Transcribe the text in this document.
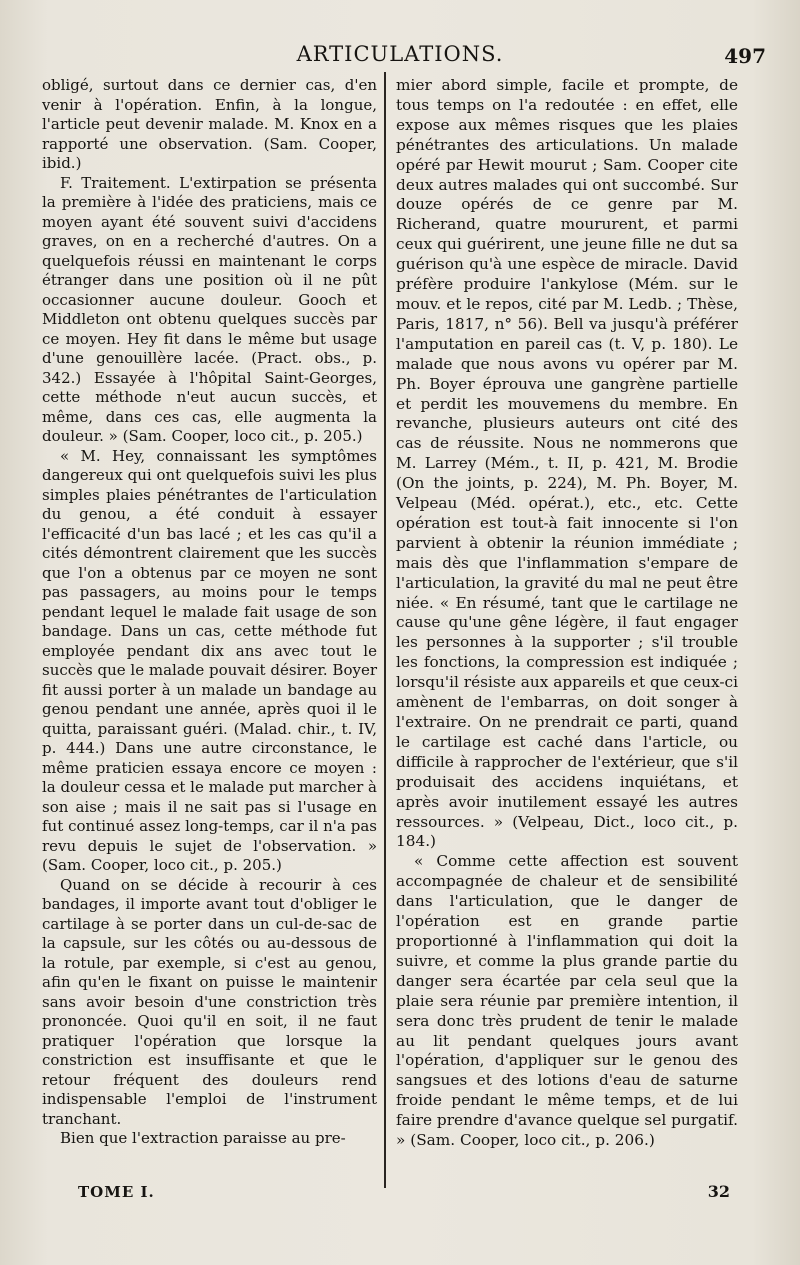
ARTICULATIONS.	497

obligé, surtout dans ce dernier cas, d'en venir à l'opération. Enfin, à la longue, l'article peut devenir malade. M. Knox en a rapporté une observation. (Sam. Cooper, ibid.)

F. Traitement. L'extirpation se présenta la première à l'idée des praticiens, mais ce moyen ayant été souvent suivi d'accidens graves, on en a recherché d'autres. On a quelquefois réussi en maintenant le corps étranger dans une position où il ne pût occasionner aucune douleur. Gooch et Middleton ont obtenu quelques succès par ce moyen. Hey fit dans le même but usage d'une genouillère lacée. (Pract. obs., p. 342.) Essayée à l'hôpital Saint-Georges, cette méthode n'eut aucun succès, et même, dans ces cas, elle augmenta la douleur. » (Sam. Cooper, loco cit., p. 205.)

« M. Hey, connaissant les symptômes dangereux qui ont quelquefois suivi les plus simples plaies pénétrantes de l'articulation du genou, a été conduit à essayer l'efficacité d'un bas lacé ; et les cas qu'il a cités démontrent clairement que les succès que l'on a obtenus par ce moyen ne sont pas passagers, au moins pour le temps pendant lequel le malade fait usage de son bandage. Dans un cas, cette méthode fut employée pendant dix ans avec tout le succès que le malade pouvait désirer. Boyer fit aussi porter à un malade un bandage au genou pendant une année, après quoi il le quitta, paraissant guéri. (Malad. chir., t. IV, p. 444.) Dans une autre circonstance, le même praticien essaya encore ce moyen : la douleur cessa et le malade put marcher à son aise ; mais il ne sait pas si l'usage en fut continué assez long-temps, car il n'a pas revu depuis le sujet de l'observation. » (Sam. Cooper, loco cit., p. 205.)

Quand on se décide à recourir à ces bandages, il importe avant tout d'obliger le cartilage à se porter dans un cul-de-sac de la capsule, sur les côtés ou au-dessous de la rotule, par exemple, si c'est au genou, afin qu'en le fixant on puisse le maintenir sans avoir besoin d'une constriction très prononcée. Quoi qu'il en soit, il ne faut pratiquer l'opération que lorsque la constriction est insuffisante et que le retour fréquent des douleurs rend indispensable l'emploi de l'instrument tranchant.

Bien que l'extraction paraisse au pre-

mier abord simple, facile et prompte, de tous temps on l'a redoutée : en effet, elle expose aux mêmes risques que les plaies pénétrantes des articulations. Un malade opéré par Hewit mourut ; Sam. Cooper cite deux autres malades qui ont succombé. Sur douze opérés de ce genre par M. Richerand, quatre moururent, et parmi ceux qui guérirent, une jeune fille ne dut sa guérison qu'à une espèce de miracle. David préfère produire l'ankylose (Mém. sur le mouv. et le repos, cité par M. Ledb. ; Thèse, Paris, 1817, n° 56). Bell va jusqu'à préférer l'amputation en pareil cas (t. V, p. 180). Le malade que nous avons vu opérer par M. Ph. Boyer éprouva une gangrène partielle et perdit les mouvemens du membre. En revanche, plusieurs auteurs ont cité des cas de réussite. Nous ne nommerons que M. Larrey (Mém., t. II, p. 421, M. Brodie (On the joints, p. 224), M. Ph. Boyer, M. Velpeau (Méd. opérat.), etc., etc. Cette opération est tout-à fait innocente si l'on parvient à obtenir la réunion immédiate ; mais dès que l'inflammation s'empare de l'articulation, la gravité du mal ne peut être niée. « En résumé, tant que le cartilage ne cause qu'une gêne légère, il faut engager les personnes à la supporter ; s'il trouble les fonctions, la compression est indiquée ; lorsqu'il résiste aux appareils et que ceux-ci amènent de l'embarras, on doit songer à l'extraire. On ne prendrait ce parti, quand le cartilage est caché dans l'article, ou difficile à rapprocher de l'extérieur, que s'il produisait des accidens inquiétans, et après avoir inutilement essayé les autres ressources. » (Velpeau, Dict., loco cit., p. 184.)

« Comme cette affection est souvent accompagnée de chaleur et de sensibilité dans l'articulation, que le danger de l'opération est en grande partie proportionné à l'inflammation qui doit la suivre, et comme la plus grande partie du danger sera écartée par cela seul que la plaie sera réunie par première intention, il sera donc très prudent de tenir le malade au lit pendant quelques jours avant l'opération, d'appliquer sur le genou des sangsues et des lotions d'eau de saturne froide pendant le même temps, et de lui faire prendre d'avance quelque sel purgatif. » (Sam. Cooper, loco cit., p. 206.)

TOME I.	32
